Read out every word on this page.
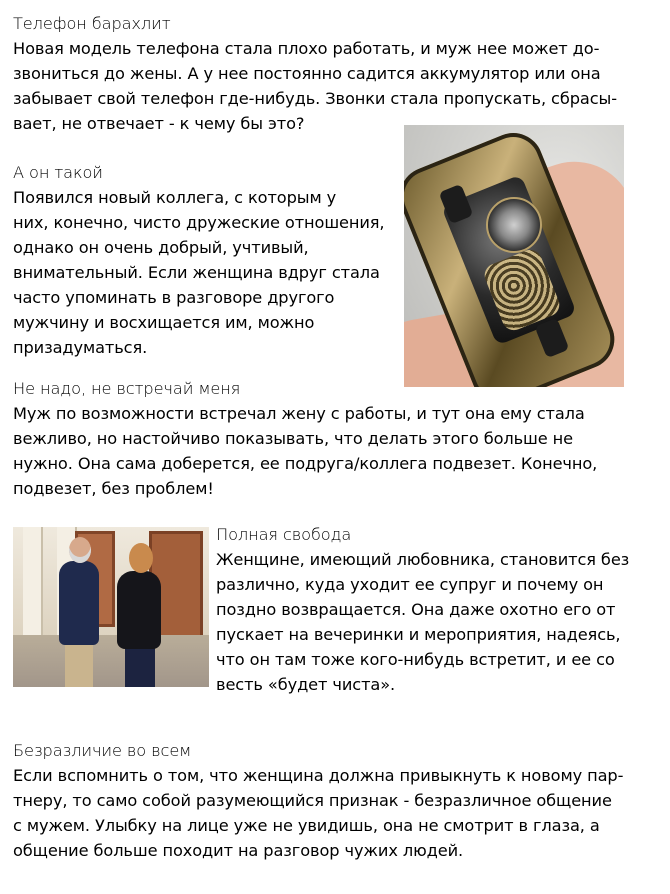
Телефон барахлит
Новая модель телефона стала плохо работать, и муж нее может до-
звониться до жены. А у нее постоянно садится аккумулятор или она
забывает свой телефон где-нибудь. Звонки стала пропускать, сбрасы-
вает, не отвечает - к чему бы это?
А он такой
Появился новый коллега, с которым у
них, конечно, чисто дружеские отношения,
однако он очень добрый, учтивый,
внимательный. Если женщина вдруг стала
часто упоминать в разговоре другого
мужчину и восхищается им, можно
призадуматься.
Не надо, не встречай меня
Муж по возможности встречал жену с работы, и тут она ему стала
вежливо, но настойчиво показывать, что делать этого больше не
нужно. Она сама доберется, ее подруга/коллега подвезет. Конечно,
подвезет, без проблем!
Полная свобода
Женщине, имеющий любовника, становится без
различно, куда уходит ее супруг и почему он
поздно возвращается. Она даже охотно его от
пускает на вечеринки и мероприятия, надеясь,
что он там тоже кого-нибудь встретит, и ее со
весть «будет чиста».
Безразличие во всем
Если вспомнить о том, что женщина должна привыкнуть к новому пар-
тнеру, то само собой разумеющийся признак - безразличное общение
с мужем. Улыбку на лице уже не увидишь, она не смотрит в глаза, а
общение больше походит на разговор чужих людей.
